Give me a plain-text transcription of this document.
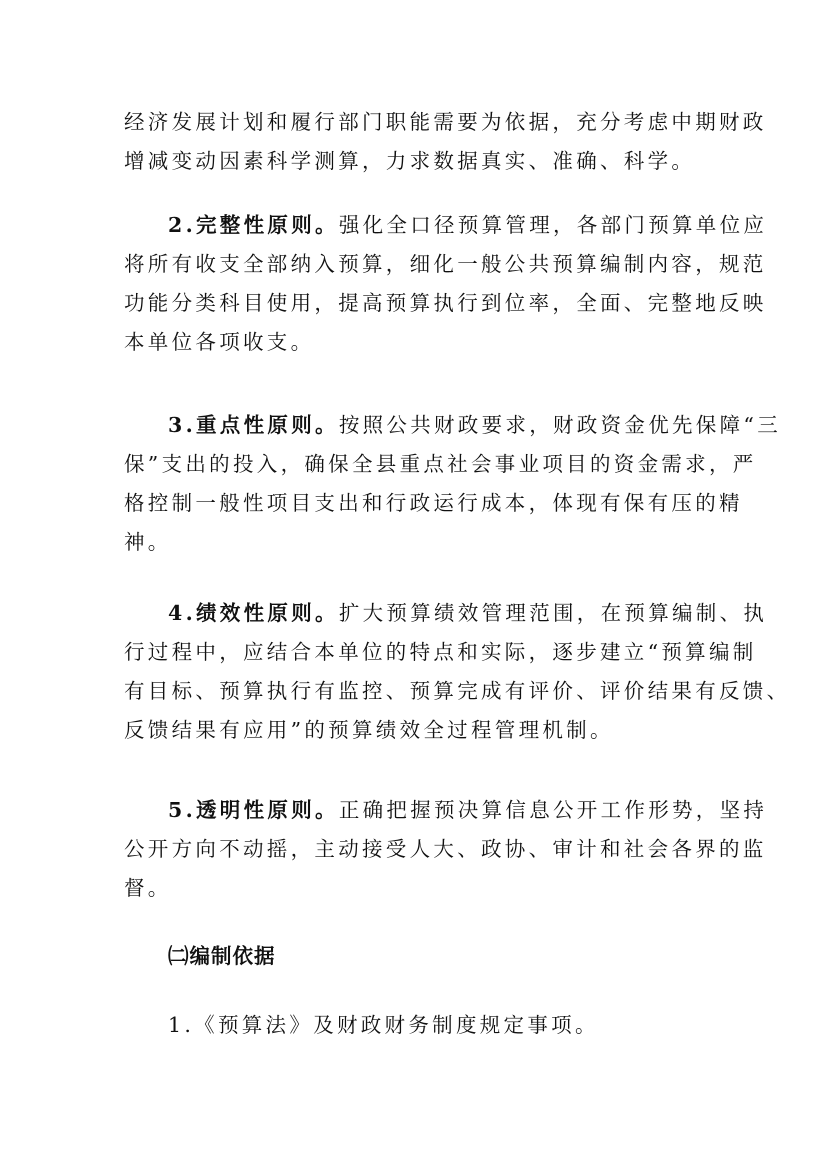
经济发展计划和履行部门职能需要为依据，充分考虑中期财政
增减变动因素科学测算，力求数据真实、准确、科学。

2.完整性原则。强化全口径预算管理，各部门预算单位应
将所有收支全部纳入预算，细化一般公共预算编制内容，规范
功能分类科目使用，提高预算执行到位率，全面、完整地反映
本单位各项收支。

3.重点性原则。按照公共财政要求，财政资金优先保障“三
保”支出的投入，确保全县重点社会事业项目的资金需求，严
格控制一般性项目支出和行政运行成本，体现有保有压的精
神。

4.绩效性原则。扩大预算绩效管理范围，在预算编制、执
行过程中，应结合本单位的特点和实际，逐步建立“预算编制
有目标、预算执行有监控、预算完成有评价、评价结果有反馈、
反馈结果有应用”的预算绩效全过程管理机制。

5.透明性原则。正确把握预决算信息公开工作形势，坚持
公开方向不动摇，主动接受人大、政协、审计和社会各界的监
督。

㈡编制依据

1.《预算法》及财政财务制度规定事项。
